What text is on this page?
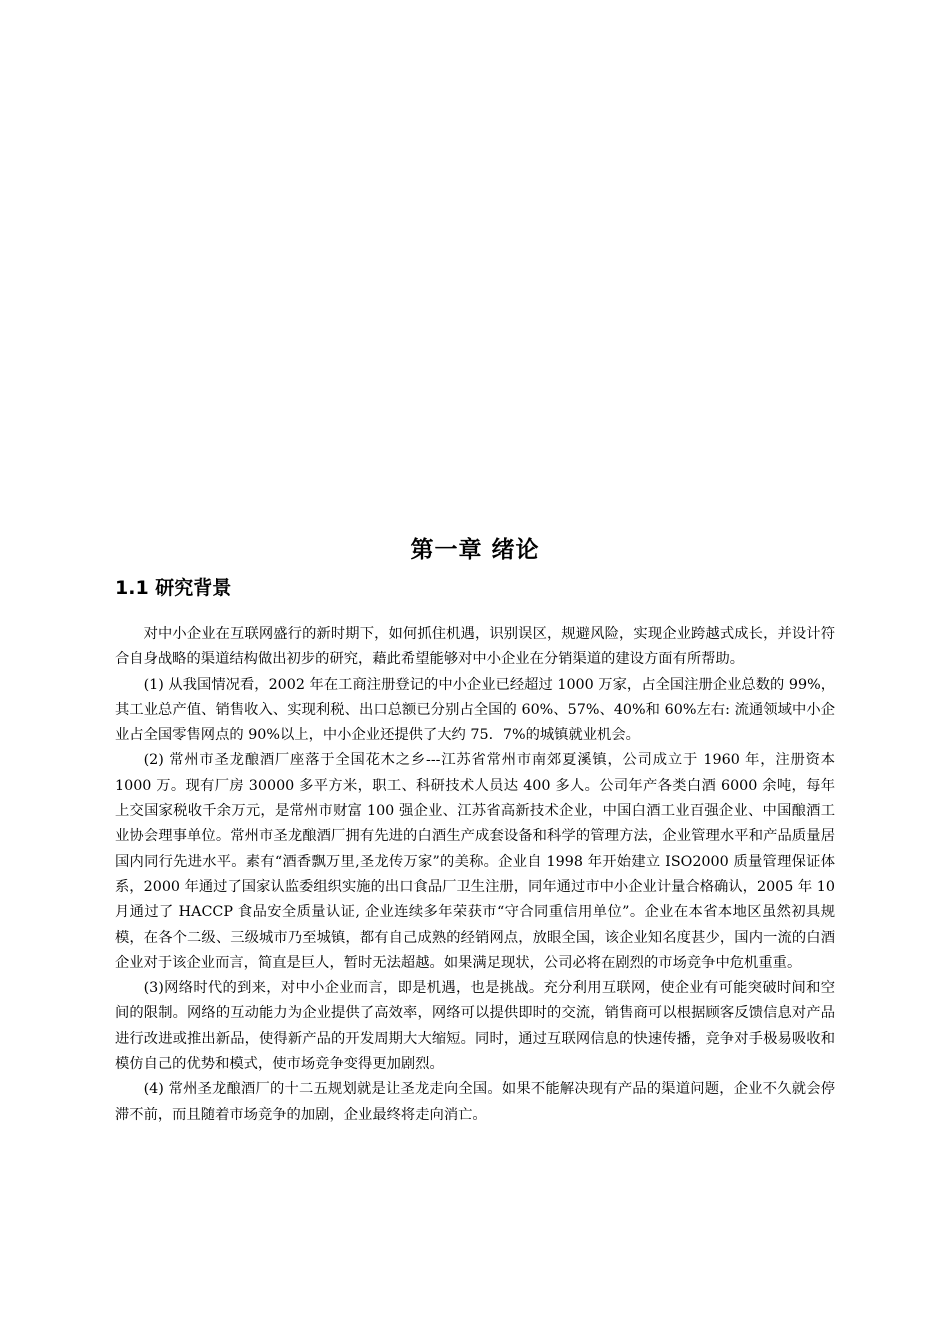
第一章 绪论
1.1 研究背景

对中小企业在互联网盛行的新时期下，如何抓住机遇，识别误区，规避风险，实现企业跨越式成长，并设计符合自身战略的渠道结构做出初步的研究，藉此希望能够对中小企业在分销渠道的建设方面有所帮助。

(1) 从我国情况看，2002 年在工商注册登记的中小企业已经超过 1000 万家，占全国注册企业总数的 99%，其工业总产值、销售收入、实现利税、出口总额已分别占全国的 60%、57%、40%和 60%左右: 流通领域中小企业占全国零售网点的 90%以上，中小企业还提供了大约 75．7%的城镇就业机会。

(2) 常州市圣龙酿酒厂座落于全国花木之乡---江苏省常州市南郊夏溪镇，公司成立于 1960 年，注册资本 1000 万。现有厂房 30000 多平方米，职工、科研技术人员达 400 多人。公司年产各类白酒 6000 余吨，每年上交国家税收千余万元，是常州市财富 100 强企业、江苏省高新技术企业，中国白酒工业百强企业、中国酿酒工业协会理事单位。常州市圣龙酿酒厂拥有先进的白酒生产成套设备和科学的管理方法，企业管理水平和产品质量居国内同行先进水平。素有“酒香飘万里,圣龙传万家”的美称。企业自 1998 年开始建立 ISO2000 质量管理保证体系，2000 年通过了国家认监委组织实施的出口食品厂卫生注册，同年通过市中小企业计量合格确认，2005 年 10 月通过了 HACCP 食品安全质量认证, 企业连续多年荣获市“守合同重信用单位”。企业在本省本地区虽然初具规模，在各个二级、三级城市乃至城镇，都有自己成熟的经销网点，放眼全国，该企业知名度甚少，国内一流的白酒企业对于该企业而言，简直是巨人，暂时无法超越。如果满足现状，公司必将在剧烈的市场竞争中危机重重。

(3)网络时代的到来，对中小企业而言，即是机遇，也是挑战。充分利用互联网，使企业有可能突破时间和空间的限制。网络的互动能力为企业提供了高效率，网络可以提供即时的交流，销售商可以根据顾客反馈信息对产品进行改进或推出新品，使得新产品的开发周期大大缩短。同时，通过互联网信息的快速传播，竞争对手极易吸收和模仿自己的优势和模式，使市场竞争变得更加剧烈。

(4) 常州圣龙酿酒厂的十二五规划就是让圣龙走向全国。如果不能解决现有产品的渠道问题，企业不久就会停滞不前，而且随着市场竞争的加剧，企业最终将走向消亡。
